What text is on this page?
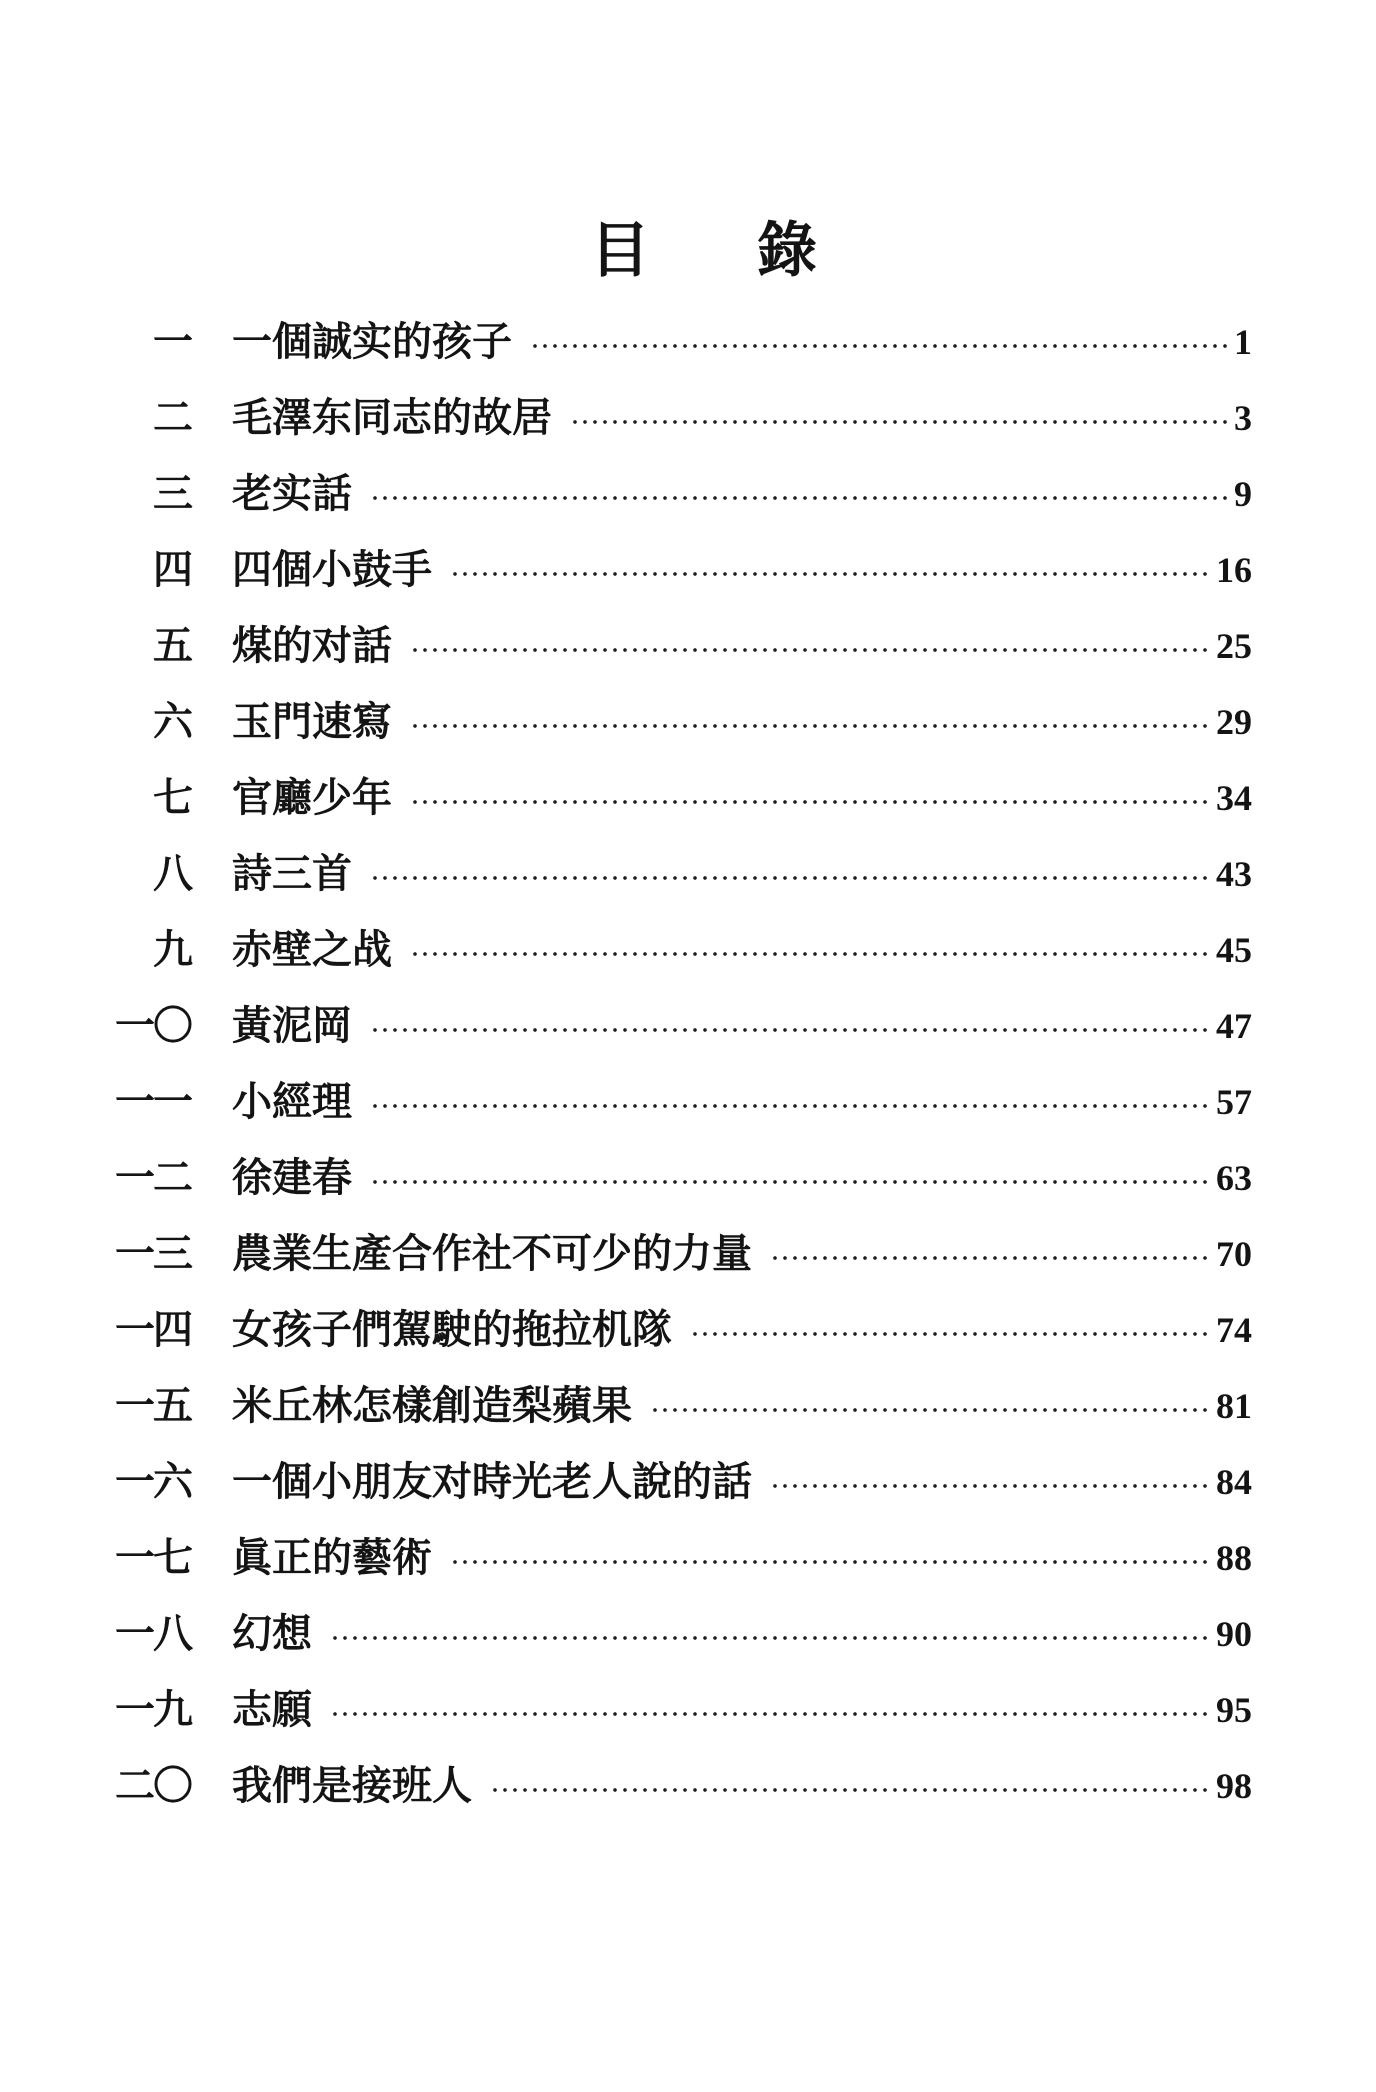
目 錄
一 一個誠实的孩子	1
二 毛澤东同志的故居	3
三 老实話	9
四 四個小鼓手	16
五 煤的对話	25
六 玉門速寫	29
七 官廳少年	34
八 詩三首	43
九 赤壁之战	45
一〇 黃泥岡	47
一一 小經理	57
一二 徐建春	63
一三 農業生產合作社不可少的力量	70
一四 女孩子們駕駛的拖拉机隊	74
一五 米丘林怎樣創造梨蘋果	81
一六 一個小朋友对時光老人說的話	84
一七 眞正的藝術	88
一八 幻想	90
一九 志願	95
二〇 我們是接班人	98
